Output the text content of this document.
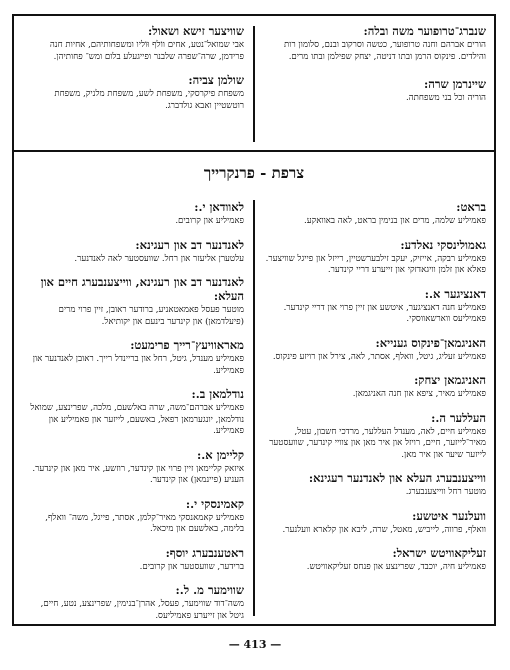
שוויצער זישא ושאול:

אבי שמואל־נטע, אחים ווֹלף וּוֹליו ומשפחותיהם, אחיות חנה פרידמן, שרה־שפרה שלבנר ופייגעלע בלום ומש־ פחותיהן.

שולמן צביה:

משפחת פיקרסקי, משפחת לשע, משפחת מלניק, משפחת רוטשטיין ואבא גולדברג.

שנברג־טרופוער משה ובלה:

הורים אברהם וחנה טרופוער, כטשה וסרקוב ובנם, סלומון רות והילדים. פינקוס הרמן ובתו דניטה, יצחק שפילמן ובתו מרים.

שיינרמן שרה:

הוריה וכל בני משפחתה.

צרפת - פרנקרייך
לאוודאן י.:

פאמיליע און קרובים.

לאנדנער דב און רעגינא:

עלטערן אליעזר און רחל. שוועסטער לאה לאנדנער.

לאנדנער דב און רעגינא, ווייצענבערג חיים און העלא:

מוטער פעסל פאמאטאניע, ברודער ראובן, זיין פרוי מרים (פיעלדמאן) און קינדער בינעם און יקותיאל.

מאראוויעץ־רייך פרימעט:

פאמיליע מענדל, גיטל, רחל און בריינדל רייך. ראובן לאנדנער און פאמיליע.

נודלמאן ב.:

פאמיליע אברהם־משה, שרה באלשעם, מלכה, שפרינצע, שמואל נודלמאן, יונגערמאן רפאל, באשעם, לייזער און פאמיליע און פאמיליע.

קליימן א.:

איזאק קליימאן זיין פרוי און קינדער, רוזשע, איר מאן און קינדער. העניע (פיינמאן) און קינדער.

קאמינסקי י.:

פאמיליע קאמאנסקי מאיר־קלמן, אסתר, פייגל, משה־ וואלף, בלימה, באלשעם און מיכאל.

ראטענבערג יוסף:

ברידער, שוועסטער און קרובים.

שווימער מ. ל.:

משה־דוד שווימער, פעסל, אהרן־בנימין, שפרינצע, נטע, חיים, גיטל און זייערע פאמיליעס.

בראט:

פאמיליע שלמה, מרים און בנימין בראט, לאה באוואקע.

גאמולינסקי נאלדע:

פאמיליע רבקה, אייזיק, יעקב זילבערשטיין, רייזל און פייגל שוויצער. פאלא און זלמן וויגאדזקי און זייערע דריי קינדער.

דאנציגער א.:

פאמיליע חנה דאנציגער, איטשע און זיין פרוי און דריי קינדער. פאמיליעס ווארשאווסקי.

האניגמאן־פינקוס גענייא:

פאמיליע זעליג, גיטל, וואלף, אסתר, לאה, צירל און רויזע פינקוס.

האניגמאן יצחק:

פאמיליע מאיר, ציפא און חנה האניגמאן.

העללער ה.:

פאמיליע חיים, לאה, מענדל העללער, מרדכי חשבון, עטל, מאיר־לייזער, חיים, רויזל און איר מאן און צוויי קינדער, שוועסטער לייזער שיער און איר מאן.

ווייצענבערג העלא און לאנדנער רעגינא:

מוטער רחל ווייצענבערג.

וועלנער איטשע:

וואלף, פרווה, לייביש, מאטל, שרה, ליבא און קלארא וועלנער.

זעליקאוויטש ישראל:

פאמיליע חיה, יוכבד, שפרינצע און פנחס זעליקאוויטש.

— 413 —
